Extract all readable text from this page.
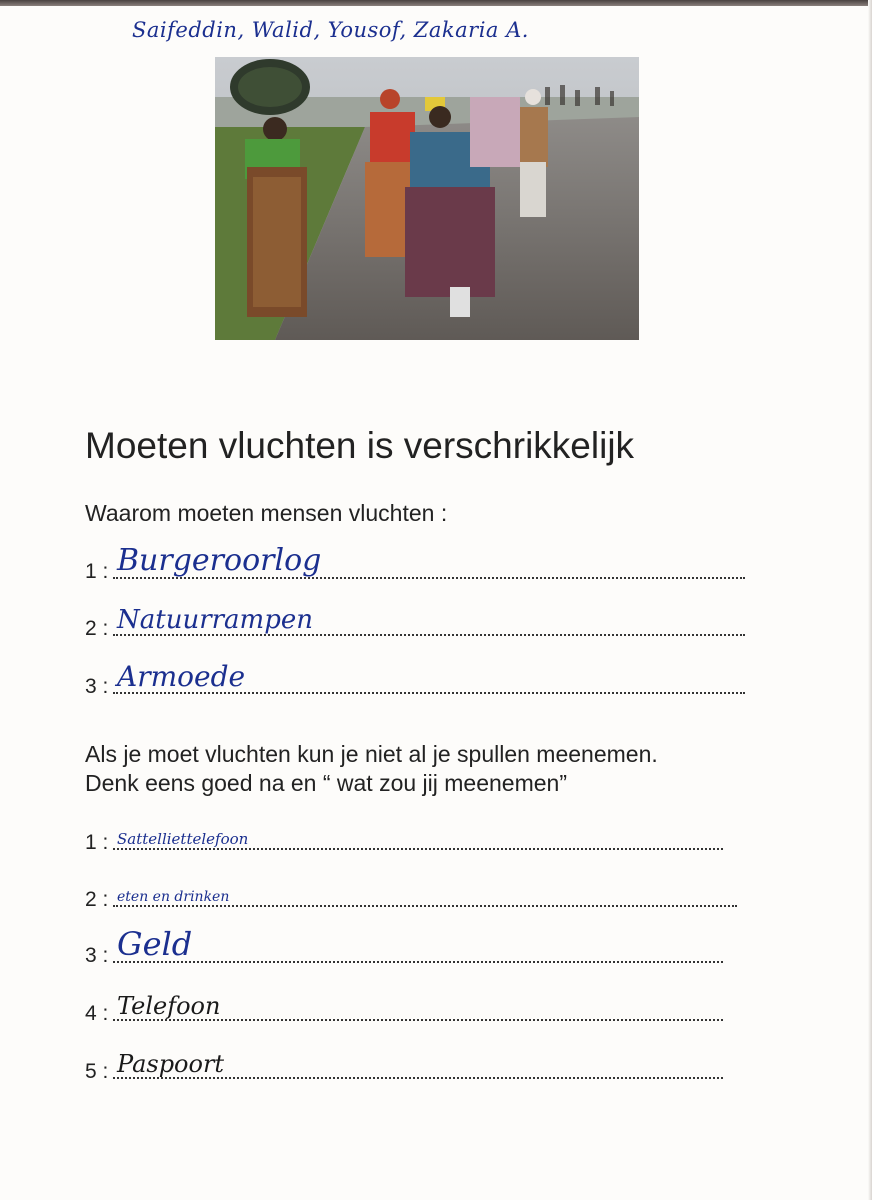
Saifeddin, Walid, Yousof, Zakaria A.
Moeten vluchten is verschrikkelijk
Waarom moeten mensen vluchten :
1 : Burgeroorlog
2 : Natuurrampen
3 : Armoede
Als je moet vluchten kun je niet al je spullen meenemen.
Denk eens goed na en “ wat zou jij meenemen”
1 : Sattelliettelefoon
2 : eten en drinken
3 : Geld
4 : Telefoon
5 : Paspoort
